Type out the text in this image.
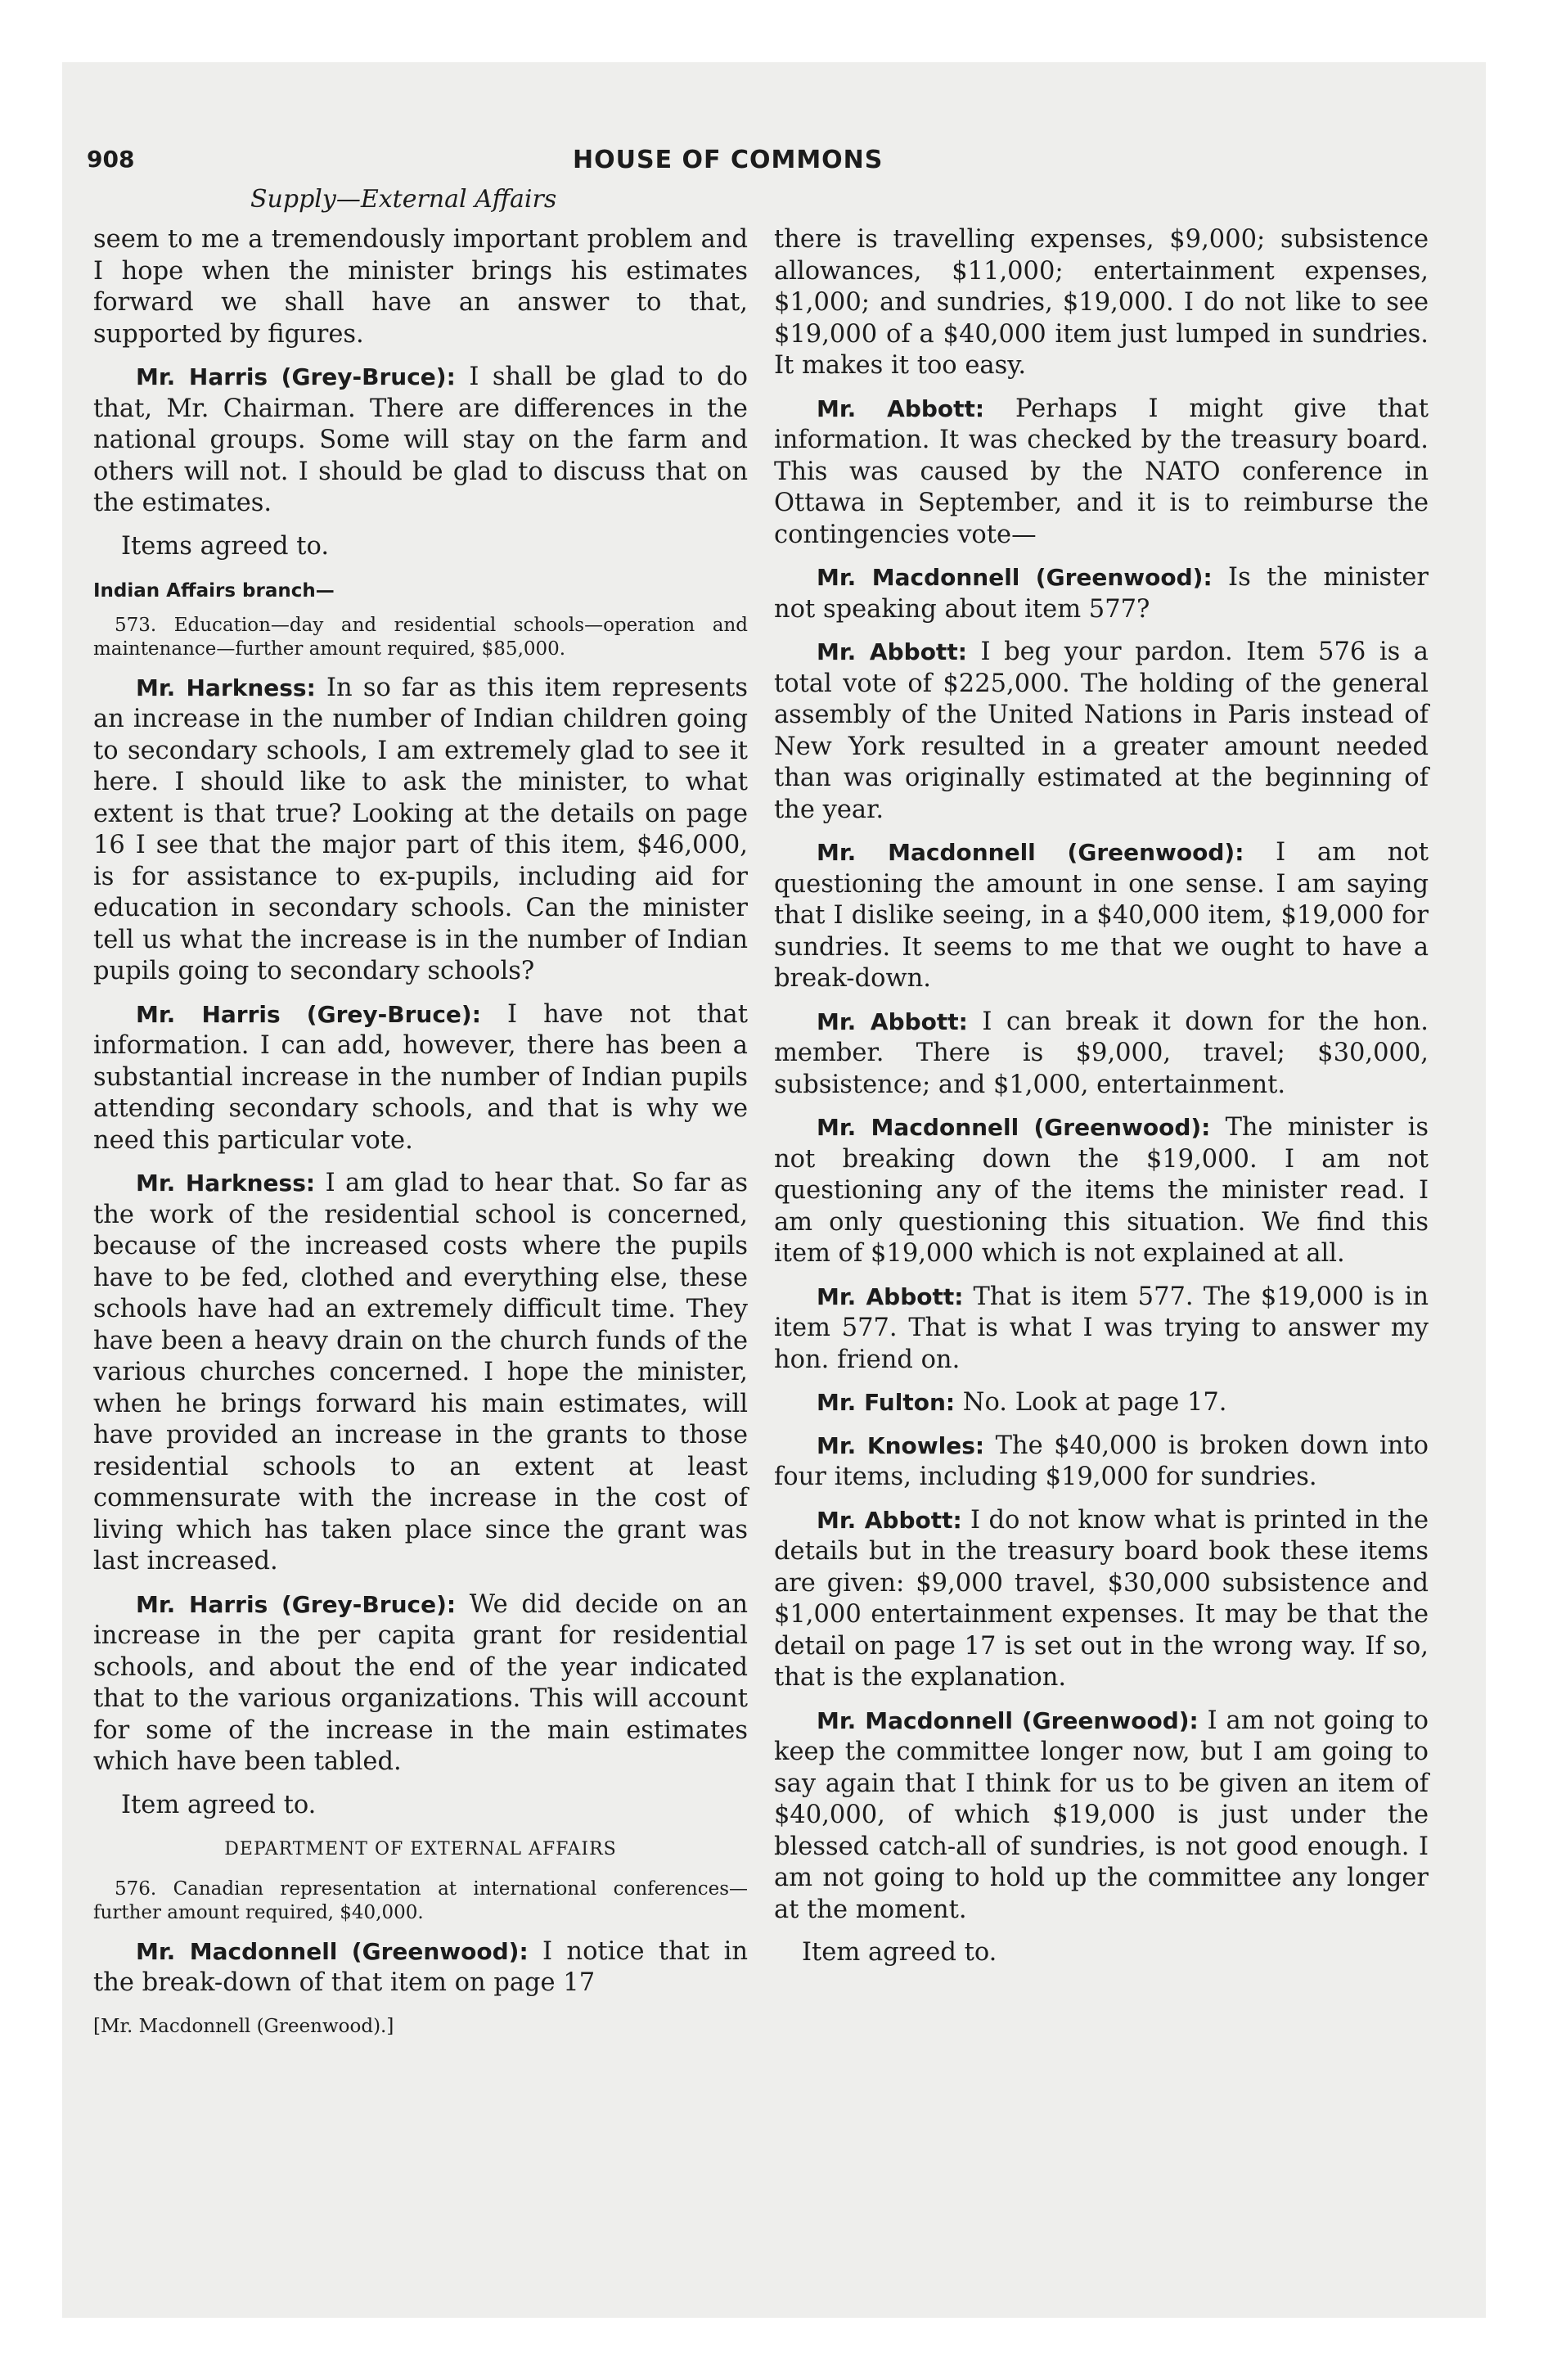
908	HOUSE OF COMMONS
Supply—External Affairs

seem to me a tremendously important problem and I hope when the minister brings his estimates forward we shall have an answer to that, supported by figures.

Mr. Harris (Grey-Bruce): I shall be glad to do that, Mr. Chairman. There are differences in the national groups. Some will stay on the farm and others will not. I should be glad to discuss that on the estimates.

Items agreed to.

Indian Affairs branch—

573. Education—day and residential schools—operation and maintenance—further amount required, $85,000.

Mr. Harkness: In so far as this item represents an increase in the number of Indian children going to secondary schools, I am extremely glad to see it here. I should like to ask the minister, to what extent is that true? Looking at the details on page 16 I see that the major part of this item, $46,000, is for assistance to ex-pupils, including aid for education in secondary schools. Can the minister tell us what the increase is in the number of Indian pupils going to secondary schools?

Mr. Harris (Grey-Bruce): I have not that information. I can add, however, there has been a substantial increase in the number of Indian pupils attending secondary schools, and that is why we need this particular vote.

Mr. Harkness: I am glad to hear that. So far as the work of the residential school is concerned, because of the increased costs where the pupils have to be fed, clothed and everything else, these schools have had an extremely difficult time. They have been a heavy drain on the church funds of the various churches concerned. I hope the minister, when he brings forward his main estimates, will have provided an increase in the grants to those residential schools to an extent at least commensurate with the increase in the cost of living which has taken place since the grant was last increased.

Mr. Harris (Grey-Bruce): We did decide on an increase in the per capita grant for residential schools, and about the end of the year indicated that to the various organizations. This will account for some of the increase in the main estimates which have been tabled.

Item agreed to.

DEPARTMENT OF EXTERNAL AFFAIRS

576. Canadian representation at international conferences—further amount required, $40,000.

Mr. Macdonnell (Greenwood): I notice that in the break-down of that item on page 17

[Mr. Macdonnell (Greenwood).]

there is travelling expenses, $9,000; subsistence allowances, $11,000; entertainment expenses, $1,000; and sundries, $19,000. I do not like to see $19,000 of a $40,000 item just lumped in sundries. It makes it too easy.

Mr. Abbott: Perhaps I might give that information. It was checked by the treasury board. This was caused by the NATO conference in Ottawa in September, and it is to reimburse the contingencies vote—

Mr. Macdonnell (Greenwood): Is the minister not speaking about item 577?

Mr. Abbott: I beg your pardon. Item 576 is a total vote of $225,000. The holding of the general assembly of the United Nations in Paris instead of New York resulted in a greater amount needed than was originally estimated at the beginning of the year.

Mr. Macdonnell (Greenwood): I am not questioning the amount in one sense. I am saying that I dislike seeing, in a $40,000 item, $19,000 for sundries. It seems to me that we ought to have a break-down.

Mr. Abbott: I can break it down for the hon. member. There is $9,000, travel; $30,000, subsistence; and $1,000, entertainment.

Mr. Macdonnell (Greenwood): The minister is not breaking down the $19,000. I am not questioning any of the items the minister read. I am only questioning this situation. We find this item of $19,000 which is not explained at all.

Mr. Abbott: That is item 577. The $19,000 is in item 577. That is what I was trying to answer my hon. friend on.

Mr. Fulton: No. Look at page 17.

Mr. Knowles: The $40,000 is broken down into four items, including $19,000 for sundries.

Mr. Abbott: I do not know what is printed in the details but in the treasury board book these items are given: $9,000 travel, $30,000 subsistence and $1,000 entertainment expenses. It may be that the detail on page 17 is set out in the wrong way. If so, that is the explanation.

Mr. Macdonnell (Greenwood): I am not going to keep the committee longer now, but I am going to say again that I think for us to be given an item of $40,000, of which $19,000 is just under the blessed catch-all of sundries, is not good enough. I am not going to hold up the committee any longer at the moment.

Item agreed to.
